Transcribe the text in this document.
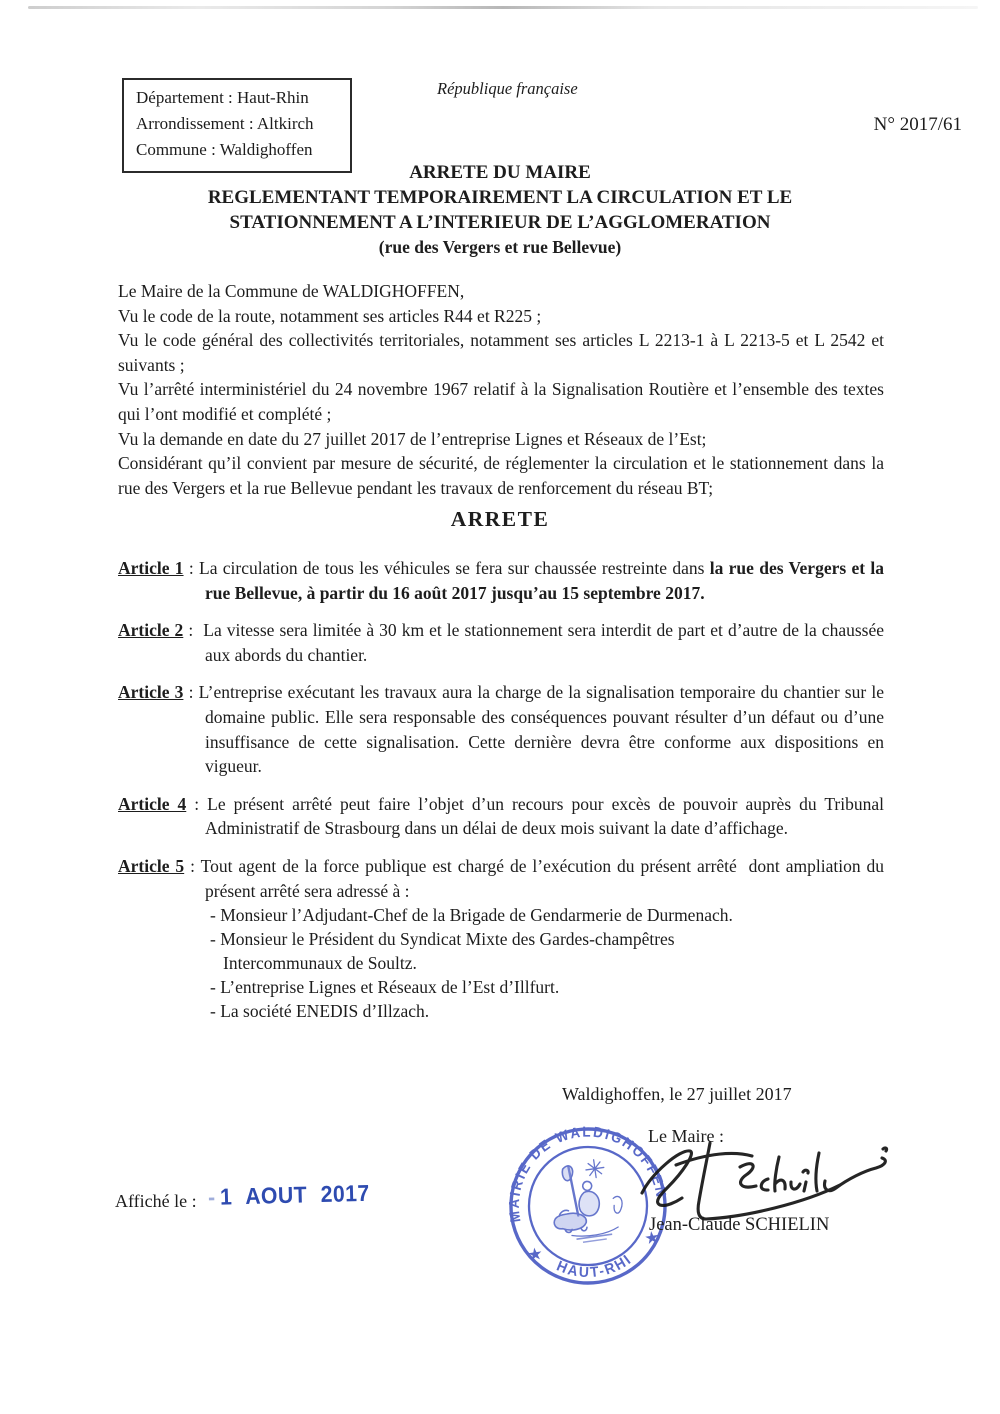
Département : Haut-Rhin
Arrondissement : Altkirch
Commune : Waldighoffen
République française
N° 2017/61
ARRETE DU MAIRE
REGLEMENTANT TEMPORAIREMENT LA CIRCULATION ET LE
STATIONNEMENT A L’INTERIEUR DE L’AGGLOMERATION
(rue des Vergers et rue Bellevue)

Le Maire de la Commune de WALDIGHOFFEN,

Vu le code de la route, notamment ses articles R44 et R225 ;

Vu le code général des collectivités territoriales, notamment ses articles L 2213-1 à L 2213-5 et L 2542 et suivants ;

Vu l’arrêté interministériel du 24 novembre 1967 relatif à la Signalisation Routière et l’ensemble des textes qui l’ont modifié et complété ;

Vu la demande en date du 27 juillet 2017 de l’entreprise Lignes et Réseaux de l’Est;

Considérant qu’il convient par mesure de sécurité, de réglementer la circulation et le stationnement dans la rue des Vergers et la rue Bellevue pendant les travaux de renforcement du réseau BT;

ARRETE

Article 1 : La circulation de tous les véhicules se fera sur chaussée restreinte dans la rue des Vergers et la rue Bellevue, à partir du 16 août 2017 jusqu’au 15 septembre 2017.

Article 2 :  La vitesse sera limitée à 30 km et le stationnement sera interdit de part et d’autre de la chaussée aux abords du chantier.

Article 3 : L’entreprise exécutant les travaux aura la charge de la signalisation temporaire du chantier sur le domaine public. Elle sera responsable des conséquences pouvant résulter d’un défaut ou d’une insuffisance de cette signalisation. Cette dernière devra être conforme aux dispositions en vigueur.

Article 4 : Le présent arrêté peut faire l’objet d’un recours pour excès de pouvoir auprès du Tribunal Administratif de Strasbourg dans un délai de deux mois suivant la date d’affichage.

Article 5 : Tout agent de la force publique est chargé de l’exécution du présent arrêté  dont ampliation du présent arrêté sera adressé à :

- Monsieur l’Adjudant-Chef de la Brigade de Gendarmerie de Durmenach.
- Monsieur le Président du Syndicat Mixte des Gardes-champêtres
Intercommunaux de Soultz.
- L’entreprise Lignes et Réseaux de l’Est d’Illfurt.
- La société ENEDIS d’Illzach.
Waldighoffen, le 27 juillet 2017
Le Maire :
MAIRIE DE WALDIGHOFFEN
HAUT-RHIN
★
★
Jean-Claude SCHIELIN
Affiché le : - 1 AOUT 2017
